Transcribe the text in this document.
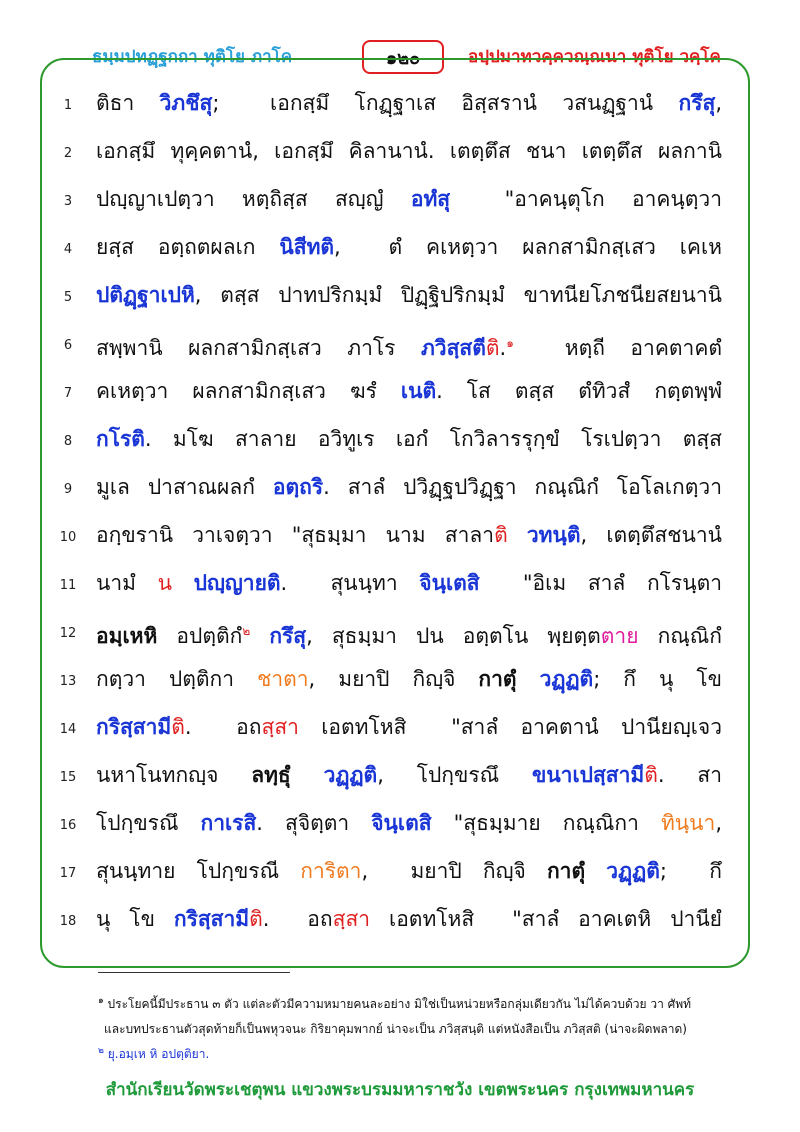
ธมฺมปทฏฺฐกถา ทุติโย ภาโค	๑๒๐	อปฺปมาทวคฺควณฺณนา ทุติโย วคฺโค
1	ติธา วิภชึสุ;  เอกสฺมึ โกฏฺฐาเส อิสฺสรานํ วสนฏฺฐานํ กรึสุ,
2	เอกสฺมึ ทุคฺคตานํ, เอกสฺมึ คิลานานํ. เตตฺตึส ชนา เตตฺตึส ผลกานิ
3	ปญฺญาเปตฺวา หตฺถิสฺส สญฺญํ อทํสุ  "อาคนฺตุโก อาคนฺตฺวา
4	ยสฺส อตฺถตผลเก นิสีทติ,  ตํ คเหตฺวา ผลกสามิกสฺเสว เคเห
5	ปติฏฺฐาเปหิ, ตสฺส ปาทปริกมฺมํ ปิฏฺฐิปริกมฺมํ ขาทนียโภชนียสยนานิ
6	สพฺพานิ ผลกสามิกสฺเสว ภาโร ภวิสฺสตีติ.$^๑$  หตฺถี อาคตาคตํ
7	คเหตฺวา ผลกสามิกสฺเสว ฆรํ เนติ. โส ตสฺส ตํทิวสํ กตฺตพฺพํ
8	กโรติ. มโฆ สาลาย อวิทูเร เอกํ โกวิลารรุกฺขํ โรเปตฺวา ตสฺส
9	มูเล ปาสาณผลกํ อตฺถริ. สาลํ ปวิฏฺฐปวิฏฺฐา กณฺณิกํ โอโลเกตฺวา
10 อกฺขรานิ วาเจตฺวา "สุธมฺมา นาม สาลาติ วทนฺติ, เตตฺตึสชนานํ
11 นามํ น ปญฺญายติ.  สุนนฺทา จินฺเตสิ  "อิเม สาลํ กโรนฺตา
12 อมฺเหหิ อปตฺติกํ$^๒$ กรึสุ, สุธมฺมา ปน อตฺตโน พฺยตฺตตาย กณฺณิกํ
13 กตฺวา ปตฺติกา ชาตา, มยาปิ กิญฺจิ กาตุํ วฏฺฏติ; กึ นุ โข
14 กริสฺสามีติ.  อถสฺสา เอตทโหสิ  "สาลํ อาคตานํ ปานียญฺเจว
15 นหาโนทกญฺจ ลทฺธุํ วฏฺฏติ, โปกฺขรณึ ขนาเปสฺสามีติ. สา
16 โปกฺขรณึ กาเรสิ. สุจิตฺตา จินฺเตสิ "สุธมฺมาย กณฺณิกา ทินฺนา,
17 สุนนฺทาย โปกฺขรณี การิตา,  มยาปิ กิญฺจิ กาตุํ วฏฺฏติ;  กึ
18 นุ โข กริสฺสามีติ.  อถสฺสา เอตทโหสิ  "สาลํ อาคเตหิ ปานียํ
$^๑$ ประโยคนี้มีประธาน ๓ ตัว แต่ละตัวมีความหมายคนละอย่าง มิใช่เป็นหน่วยหรือกลุ่มเดียวกัน ไม่ได้ควบด้วย วา ศัพท์
และบทประธานตัวสุดท้ายก็เป็นพหุวจนะ กิริยาคุมพากย์ น่าจะเป็น ภวิสฺสนฺติ แต่หนังสือเป็น ภวิสฺสติ (น่าจะผิดพลาด)
$^๒$ ยุ.อมฺเห หิ อปตฺติยา.
สำนักเรียนวัดพระเชตุพน แขวงพระบรมมหาราชวัง เขตพระนคร กรุงเทพมหานคร
